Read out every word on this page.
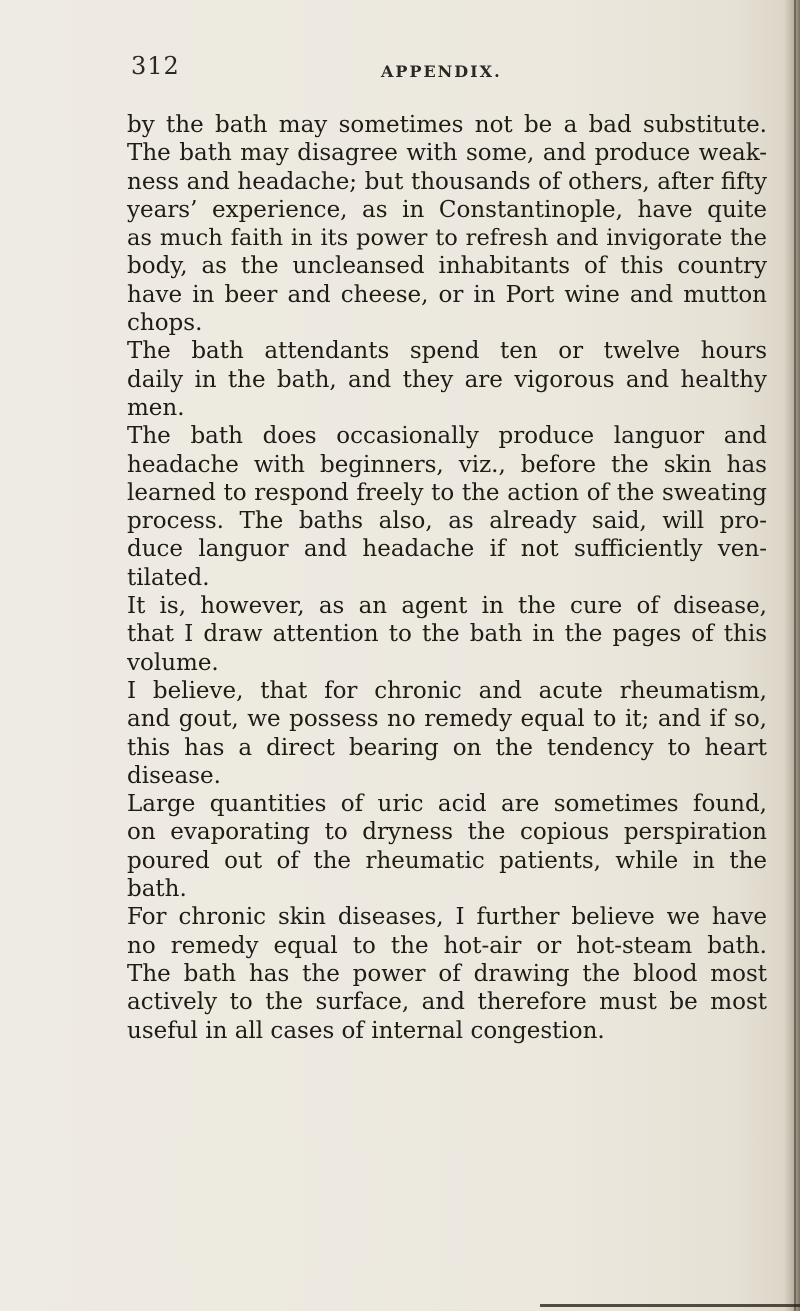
312	APPENDIX.
by the bath may sometimes not be a bad substitute.
The bath may disagree with some, and produce weak-
ness and headache; but thousands of others, after fifty
years’ experience, as in Constantinople, have quite
as much faith in its power to refresh and invigorate the
body, as the uncleansed inhabitants of this country
have in beer and cheese, or in Port wine and mutton
chops.
The bath attendants spend ten or twelve hours
daily in the bath, and they are vigorous and healthy
men.
The bath does occasionally produce languor and
headache with beginners, viz., before the skin has
learned to respond freely to the action of the sweating
process. The baths also, as already said, will pro-
duce languor and headache if not sufficiently ven-
tilated.
It is, however, as an agent in the cure of disease,
that I draw attention to the bath in the pages of this
volume.
I believe, that for chronic and acute rheumatism,
and gout, we possess no remedy equal to it; and if so,
this has a direct bearing on the tendency to heart
disease.
Large quantities of uric acid are sometimes found,
on evaporating to dryness the copious perspiration
poured out of the rheumatic patients, while in the
bath.
For chronic skin diseases, I further believe we have
no remedy equal to the hot-air or hot-steam bath.
The bath has the power of drawing the blood most
actively to the surface, and therefore must be most
useful in all cases of internal congestion.
